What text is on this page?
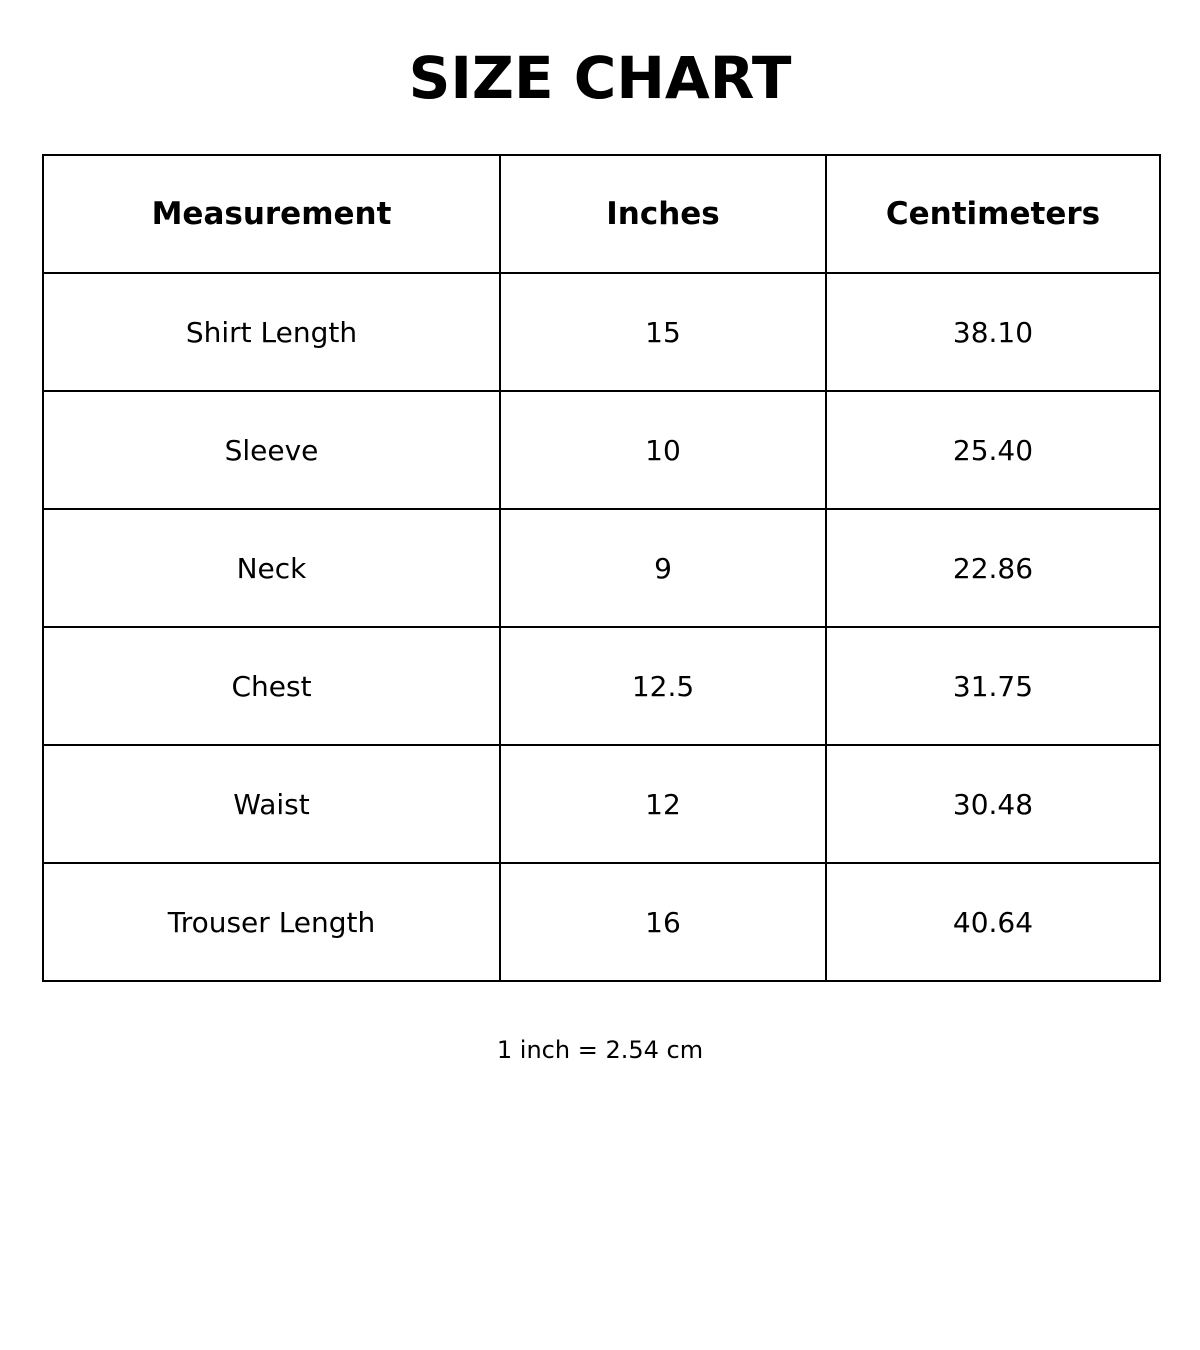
SIZE CHART
Measurement	Inches	Centimeters
Shirt Length	15	38.10
Sleeve	10	25.40
Neck	9	22.86
Chest	12.5	31.75
Waist	12	30.48
Trouser Length	16	40.64
1 inch = 2.54 cm
